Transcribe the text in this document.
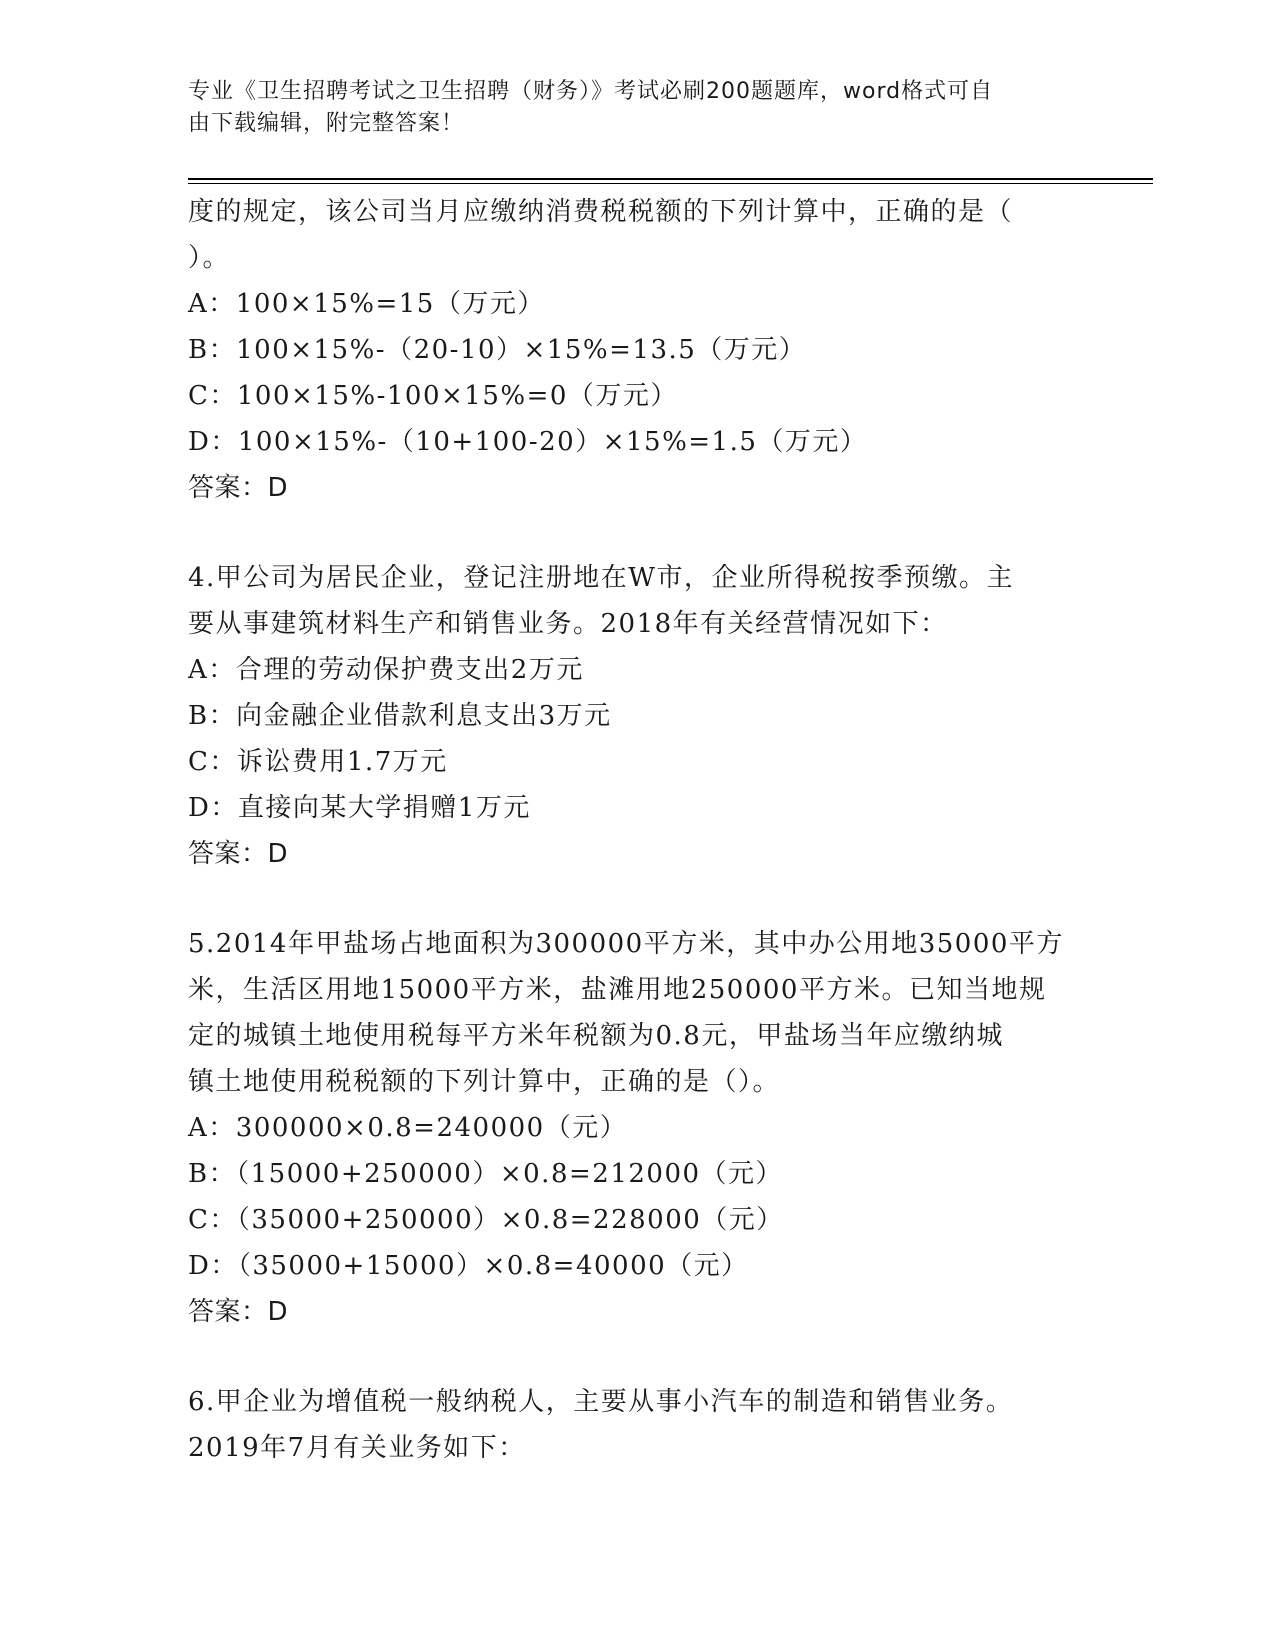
专业《卫生招聘考试之卫生招聘（财务）》考试必刷200题题库，word格式可自
由下载编辑，附完整答案！
度的规定，该公司当月应缴纳消费税税额的下列计算中，正确的是（
）。
A：100×15%=15（万元）
B：100×15%-（20-10）×15%=13.5（万元）
C：100×15%-100×15%=0（万元）
D：100×15%-（10+100-20）×15%=1.5（万元）
答案：D
4.甲公司为居民企业，登记注册地在W市，企业所得税按季预缴。主
要从事建筑材料生产和销售业务。2018年有关经营情况如下：
A：合理的劳动保护费支出2万元
B：向金融企业借款利息支出3万元
C：诉讼费用1.7万元
D：直接向某大学捐赠1万元
答案：D
5.2014年甲盐场占地面积为300000平方米，其中办公用地35000平方
米，生活区用地15000平方米，盐滩用地250000平方米。已知当地规
定的城镇土地使用税每平方米年税额为0.8元，甲盐场当年应缴纳城
镇土地使用税税额的下列计算中，正确的是（）。
A：300000×0.8=240000（元）
B：（15000+250000）×0.8=212000（元）
C：（35000+250000）×0.8=228000（元）
D：（35000+15000）×0.8=40000（元）
答案：D
6.甲企业为增值税一般纳税人，主要从事小汽车的制造和销售业务。
2019年7月有关业务如下：
